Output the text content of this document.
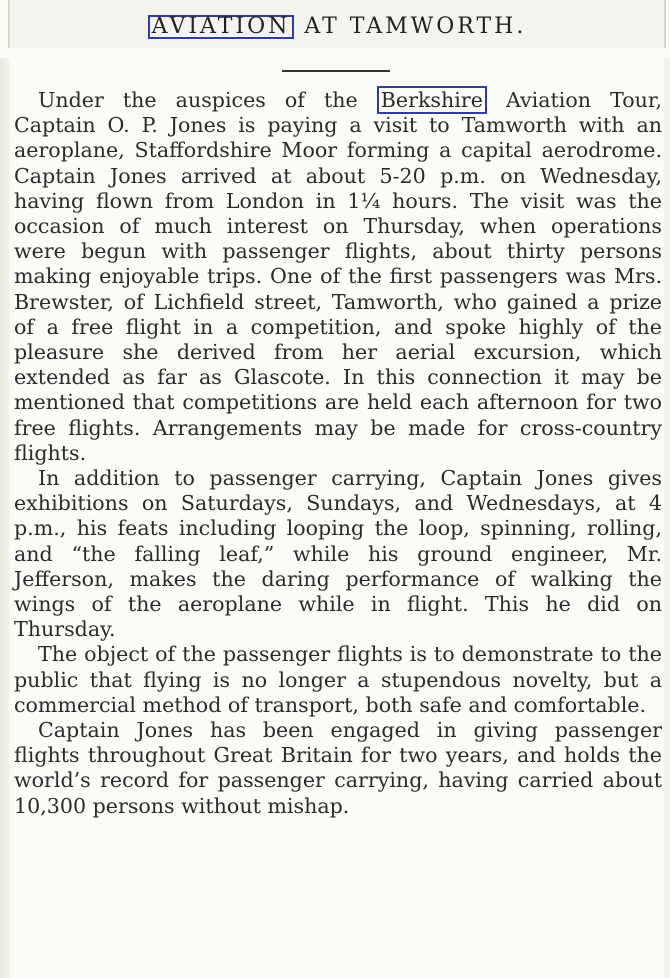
AVIATION AT TAMWORTH.

Under the auspices of the Berkshire Aviation Tour, Captain O. P. Jones is paying a visit to Tamworth with an aeroplane, Staffordshire Moor forming a capital aerodrome. Captain Jones arrived at about 5-20 p.m. on Wednesday, having flown from London in 1¼ hours. The visit was the occasion of much interest on Thursday, when operations were begun with passenger flights, about thirty persons making enjoyable trips. One of the first passengers was Mrs. Brewster, of Lichfield street, Tamworth, who gained a prize of a free flight in a competition, and spoke highly of the pleasure she derived from her aerial excursion, which extended as far as Glascote. In this connection it may be mentioned that competitions are held each afternoon for two free flights. Arrangements may be made for cross-country flights.

In addition to passenger carrying, Captain Jones gives exhibitions on Saturdays, Sundays, and Wednesdays, at 4 p.m., his feats including looping the loop, spinning, rolling, and “the falling leaf,” while his ground engineer, Mr. Jefferson, makes the daring performance of walking the wings of the aeroplane while in flight. This he did on Thursday.

The object of the passenger flights is to demonstrate to the public that flying is no longer a stupendous novelty, but a commercial method of transport, both safe and comfortable.

Captain Jones has been engaged in giving passenger flights throughout Great Britain for two years, and holds the world’s record for passenger carrying, having carried about 10,300 persons without mishap.
